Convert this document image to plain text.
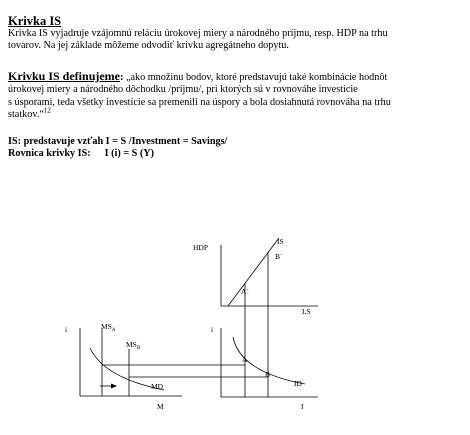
Krivka IS
Krivka IS vyjadruje vzájomnú reláciu úrokovej miery a národného príjmu, resp. HDP na trhu
tovarov. Na jej základe môžeme odvodiť krivku agregátneho dopytu.
Krivku IS definujeme: „ako množinu bodov, ktoré predstavujú také kombinácie hodnôt
úrokovej miery a národného dôchodku /príjmu/, pri ktorých sú v rovnováhe investície
s úsporami, teda všetky investície sa premenili na úspory a bola dosiahnutá rovnováha na trhu
statkov.“$^{12}$
IS: predstavuje vzťah I = S /Investment = Savings/
Rovnica krivky IS: I (i) = S (Y)
HDP
IS
B´
A´
I,S
i	i
$MS_A$
$MS_B$
A
B
MD	ID
M	I
